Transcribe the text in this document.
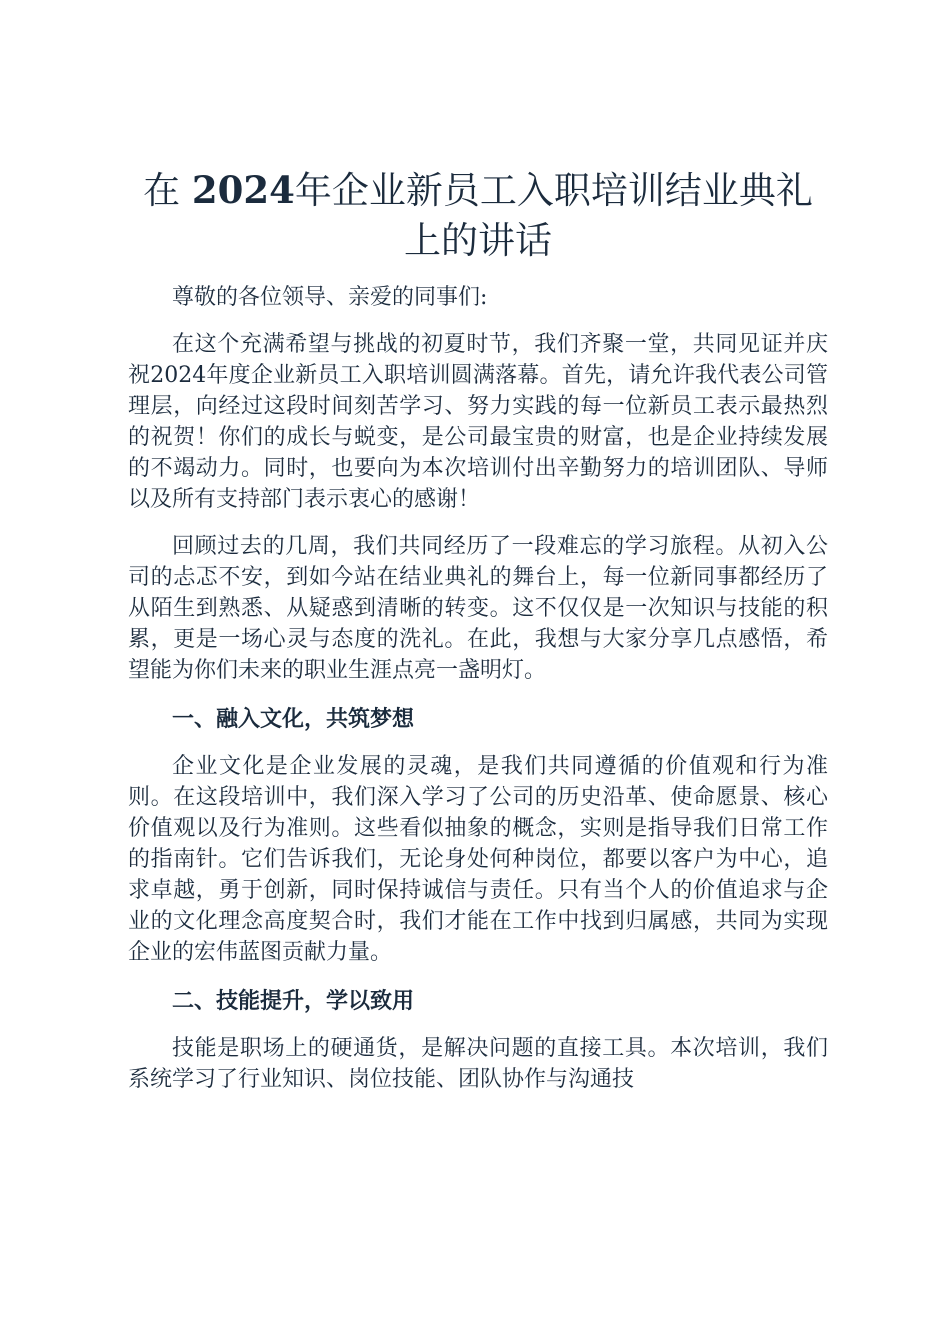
在 2024年企业新员工入职培训结业典礼上的讲话

尊敬的各位领导、亲爱的同事们:

在这个充满希望与挑战的初夏时节，我们齐聚一堂，共同见证并庆祝2024年度企业新员工入职培训圆满落幕。首先，请允许我代表公司管理层，向经过这段时间刻苦学习、努力实践的每一位新员工表示最热烈的祝贺！你们的成长与蜕变，是公司最宝贵的财富，也是企业持续发展的不竭动力。同时，也要向为本次培训付出辛勤努力的培训团队、导师以及所有支持部门表示衷心的感谢！

回顾过去的几周，我们共同经历了一段难忘的学习旅程。从初入公司的忐忑不安，到如今站在结业典礼的舞台上，每一位新同事都经历了从陌生到熟悉、从疑惑到清晰的转变。这不仅仅是一次知识与技能的积累，更是一场心灵与态度的洗礼。在此，我想与大家分享几点感悟，希望能为你们未来的职业生涯点亮一盏明灯。

一、融入文化，共筑梦想

企业文化是企业发展的灵魂，是我们共同遵循的价值观和行为准则。在这段培训中，我们深入学习了公司的历史沿革、使命愿景、核心价值观以及行为准则。这些看似抽象的概念，实则是指导我们日常工作的指南针。它们告诉我们，无论身处何种岗位，都要以客户为中心，追求卓越，勇于创新，同时保持诚信与责任。只有当个人的价值追求与企业的文化理念高度契合时，我们才能在工作中找到归属感，共同为实现企业的宏伟蓝图贡献力量。

二、技能提升，学以致用

技能是职场上的硬通货，是解决问题的直接工具。本次培训，我们系统学习了行业知识、岗位技能、团队协作与沟通技
